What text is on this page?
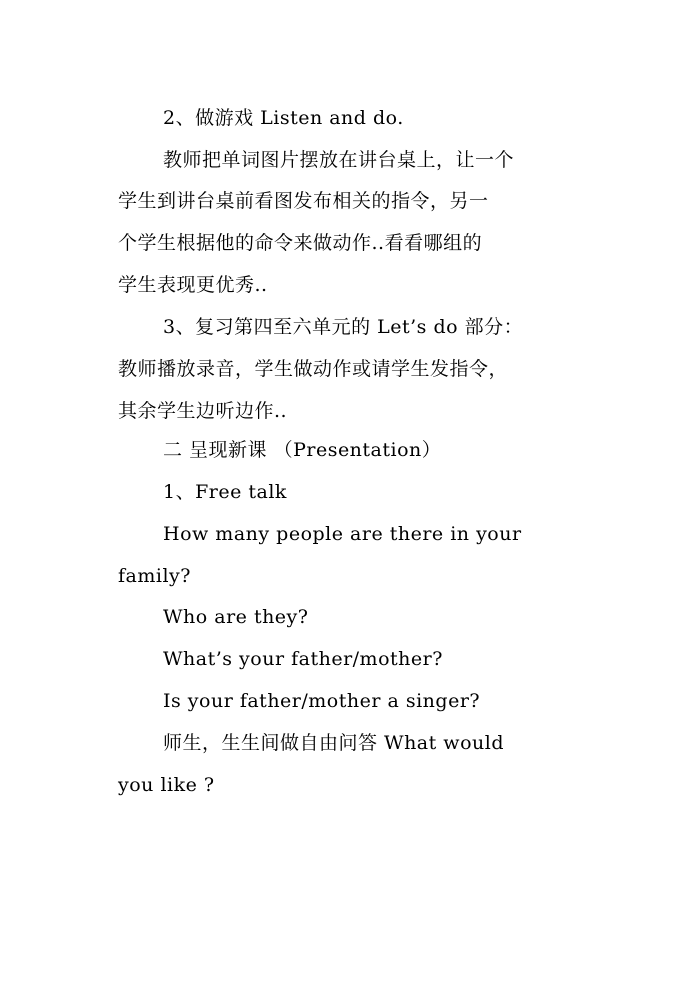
2、做游戏 Listen and do.
教师把单词图片摆放在讲台桌上，让一个
学生到讲台桌前看图发布相关的指令，另一
个学生根据他的命令来做动作..看看哪组的
学生表现更优秀..
3、复习第四至六单元的 Let’s do 部分：
教师播放录音，学生做动作或请学生发指令，
其余学生边听边作..
二 呈现新课 （Presentation）
1、Free talk
How many people are there in your
family?
Who are they?
What’s your father/mother?
Is your father/mother a singer?
师生，生生间做自由问答 What would
you like ?
